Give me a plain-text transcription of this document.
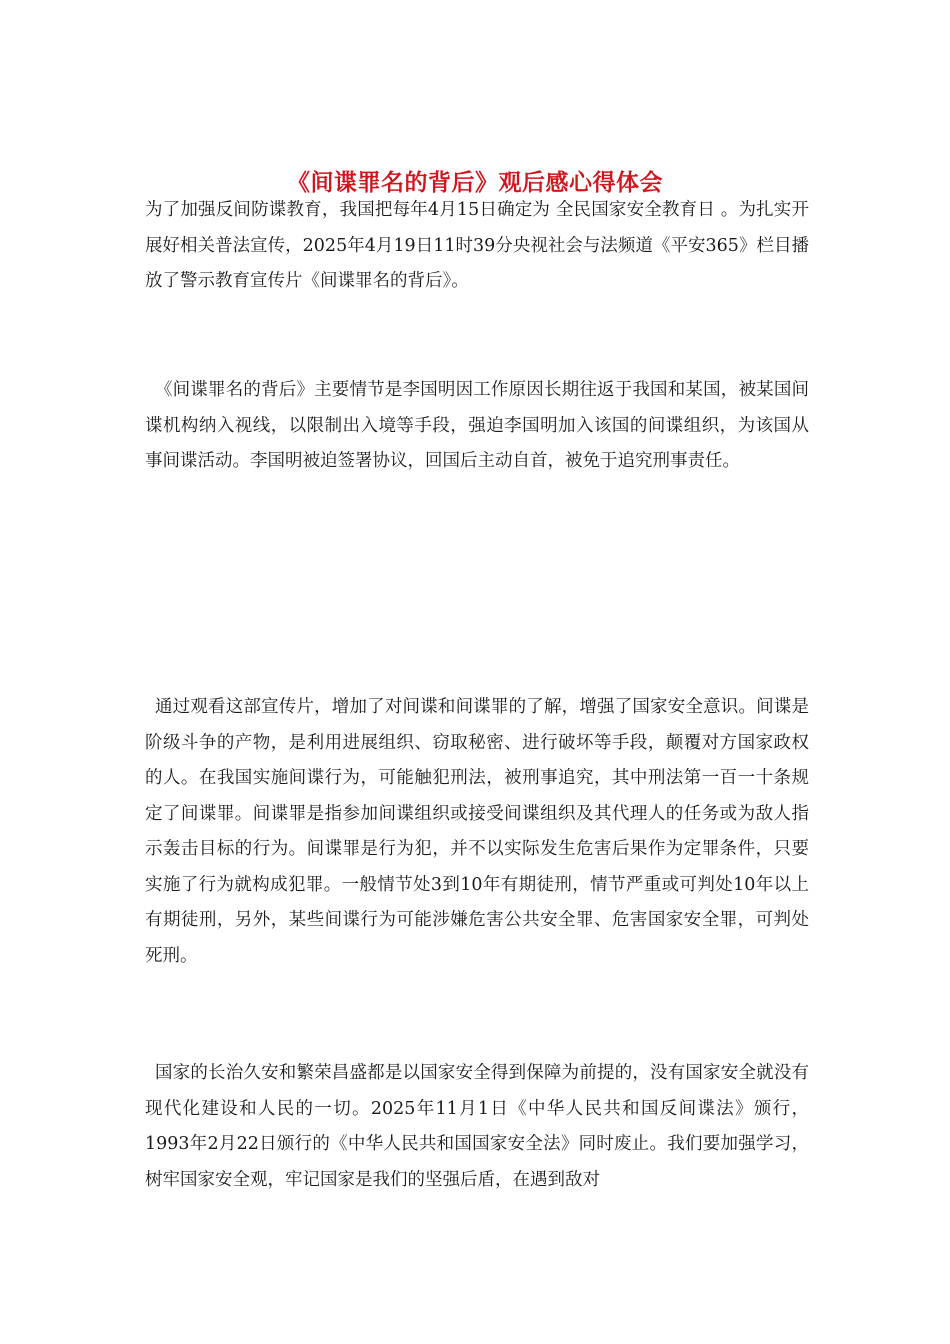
《间谍罪名的背后》观后感心得体会

为了加强反间防谍教育，我国把每年4月15日确定为 全民国家安全教育日 。为扎实开展好相关普法宣传，2025年4月19日11时39分央视社会与法频道《平安365》栏目播放了警示教育宣传片《间谍罪名的背后》。

《间谍罪名的背后》主要情节是李国明因工作原因长期往返于我国和某国，被某国间谍机构纳入视线，以限制出入境等手段，强迫李国明加入该国的间谍组织，为该国从事间谍活动。李国明被迫签署协议，回国后主动自首，被免于追究刑事责任。

通过观看这部宣传片，增加了对间谍和间谍罪的了解，增强了国家安全意识。间谍是阶级斗争的产物，是利用进展组织、窃取秘密、进行破坏等手段，颠覆对方国家政权的人。在我国实施间谍行为，可能触犯刑法，被刑事追究，其中刑法第一百一十条规定了间谍罪。间谍罪是指参加间谍组织或接受间谍组织及其代理人的任务或为敌人指示轰击目标的行为。间谍罪是行为犯，并不以实际发生危害后果作为定罪条件，只要实施了行为就构成犯罪。一般情节处3到10年有期徒刑，情节严重或可判处10年以上有期徒刑，另外，某些间谍行为可能涉嫌危害公共安全罪、危害国家安全罪，可判处死刑。

国家的长治久安和繁荣昌盛都是以国家安全得到保障为前提的，没有国家安全就没有现代化建设和人民的一切。2025年11月1日《中华人民共和国反间谍法》颁行，1993年2月22日颁行的《中华人民共和国国家安全法》同时废止。我们要加强学习，树牢国家安全观，牢记国家是我们的坚强后盾，在遇到敌对
